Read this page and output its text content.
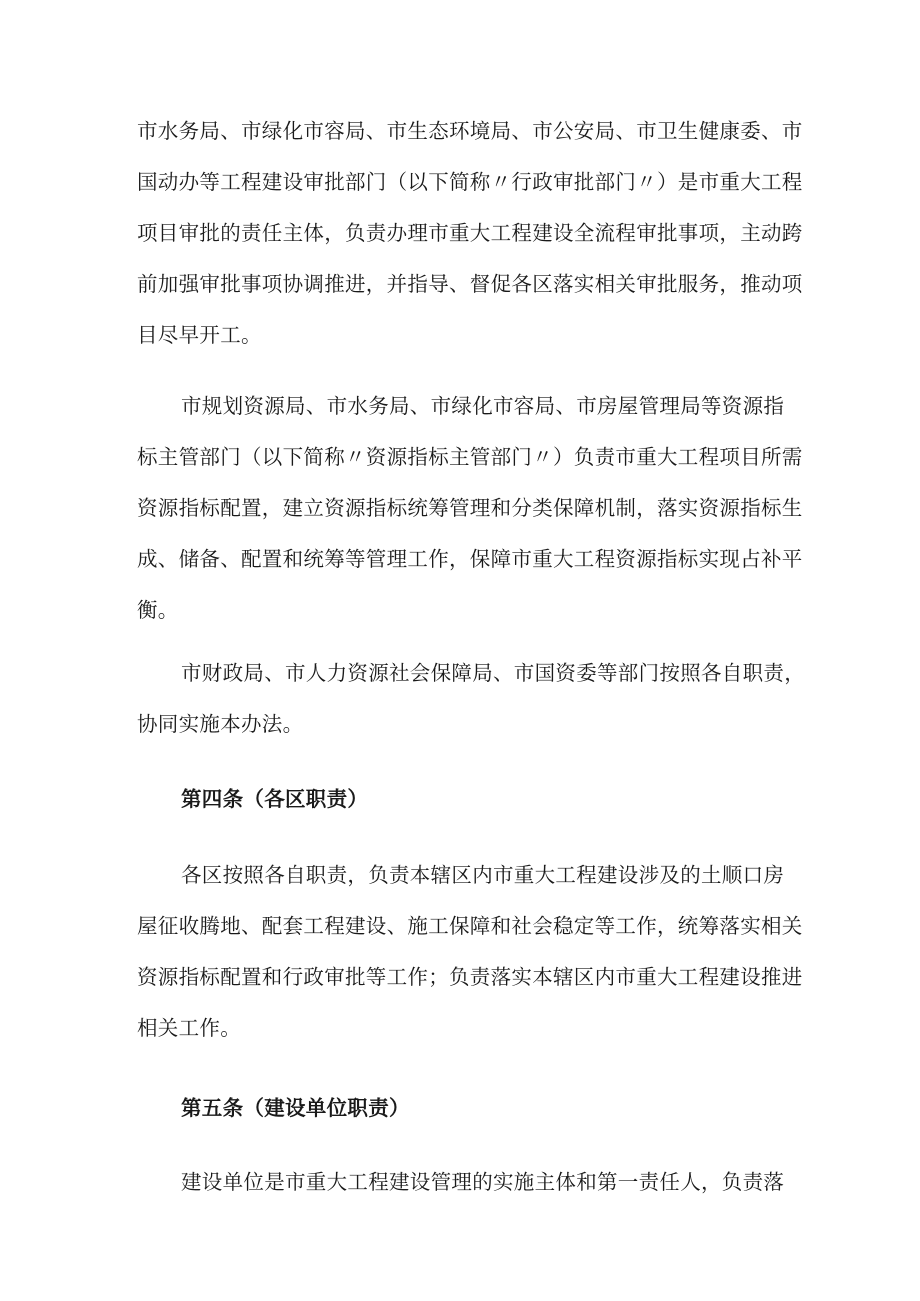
市水务局、市绿化市容局、市生态环境局、市公安局、市卫生健康委、市
国动办等工程建设审批部门（以下简称〃行政审批部门〃）是市重大工程
项目审批的责任主体，负责办理市重大工程建设全流程审批事项，主动跨
前加强审批事项协调推进，并指导、督促各区落实相关审批服务，推动项
目尽早开工。
市规划资源局、市水务局、市绿化市容局、市房屋管理局等资源指
标主管部门（以下简称〃资源指标主管部门〃）负责市重大工程项目所需
资源指标配置，建立资源指标统筹管理和分类保障机制，落实资源指标生
成、储备、配置和统筹等管理工作，保障市重大工程资源指标实现占补平
衡。
市财政局、市人力资源社会保障局、市国资委等部门按照各自职责，
协同实施本办法。
第四条（各区职责）
各区按照各自职责，负责本辖区内市重大工程建设涉及的土顺口房
屋征收腾地、配套工程建设、施工保障和社会稳定等工作，统筹落实相关
资源指标配置和行政审批等工作；负责落实本辖区内市重大工程建设推进
相关工作。
第五条（建设单位职责）
建设单位是市重大工程建设管理的实施主体和第一责任人，负责落
